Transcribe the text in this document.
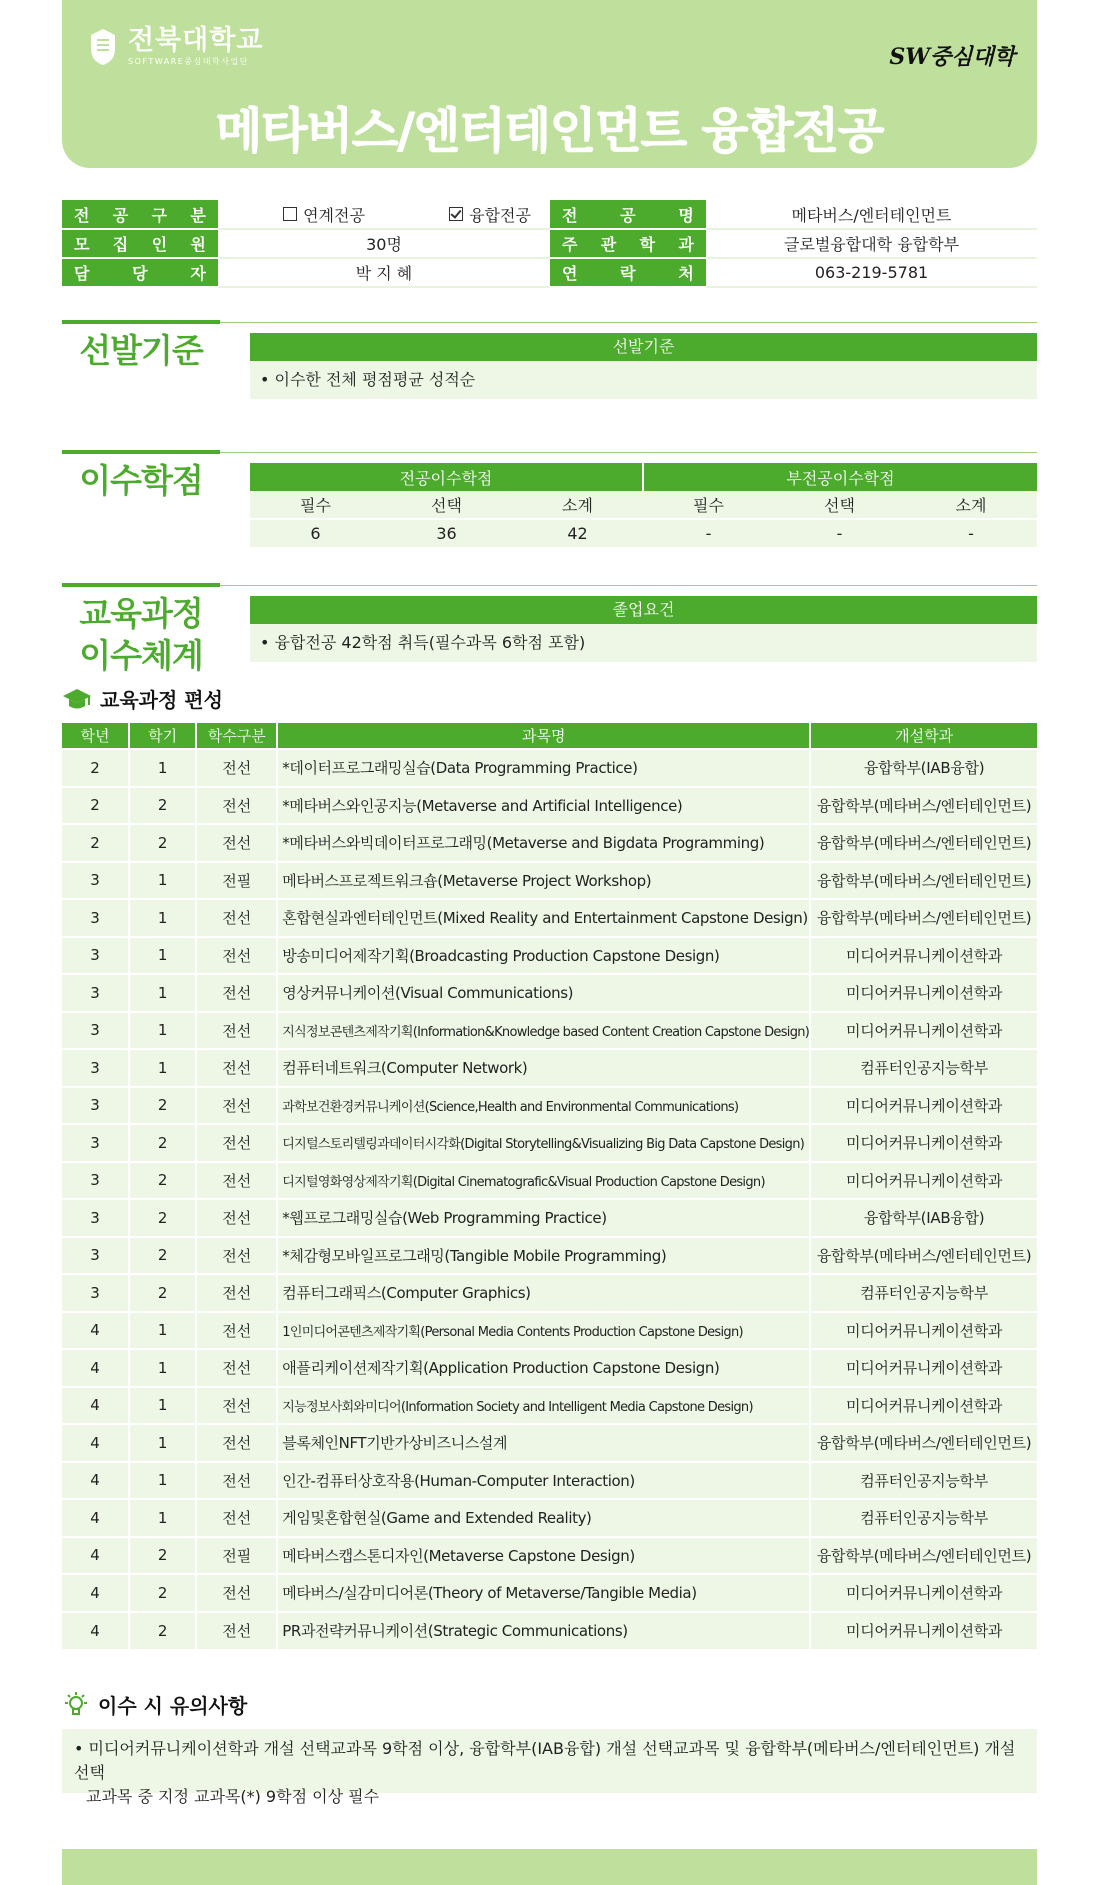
전북대학교
SOFTWARE중심대학사업단	SW중심대학
메타버스/엔터테인먼트 융합전공
전 공 구 분	연계전공	융합전공	전 공 명	메타버스/엔터테인먼트

모 집 인 원	30명		주 관 학 과	글로벌융합대학 융합학부

담 당 자	박 지 혜		연 락 처	063-219-5781
선발기준	선발기준
• 이수한 전체 평점평균 성적순
이수학점	전공이수학점			부전공이수학점		
필수	선택	소계	필수	선택	소계
6	36	42	-	-	-
교육과정
이수체계
졸업요건
• 융합전공 42학점 취득(필수과목 6학점 포함)
교육과정 편성
학년	학기	학수구분	과목명	개설학과
2	1	전선	*데이터프로그래밍실습(Data Programming Practice)	융합학부(IAB융합)
2	2	전선	*메타버스와인공지능(Metaverse and Artificial Intelligence)	융합학부(메타버스/엔터테인먼트)
2	2	전선	*메타버스와빅데이터프로그래밍(Metaverse and Bigdata Programming)	융합학부(메타버스/엔터테인먼트)
3	1	전필	메타버스프로젝트워크숍(Metaverse Project Workshop)	융합학부(메타버스/엔터테인먼트)
3	1	전선	혼합현실과엔터테인먼트(Mixed Reality and Entertainment Capstone Design)	융합학부(메타버스/엔터테인먼트)
3	1	전선	방송미디어제작기획(Broadcasting Production Capstone Design)	미디어커뮤니케이션학과
3	1	전선	영상커뮤니케이션(Visual Communications)	미디어커뮤니케이션학과
3	1	전선	지식정보콘텐츠제작기획(Information&Knowledge based Content Creation Capstone Design)	미디어커뮤니케이션학과
3	1	전선	컴퓨터네트워크(Computer Network)	컴퓨터인공지능학부
3	2	전선	과학보건환경커뮤니케이션(Science,Health and Environmental Communications)	미디어커뮤니케이션학과
3	2	전선	디지털스토리텔링과데이터시각화(Digital Storytelling&Visualizing Big Data Capstone Design)	미디어커뮤니케이션학과
3	2	전선	디지털영화영상제작기획(Digital Cinematografic&Visual Production Capstone Design)	미디어커뮤니케이션학과
3	2	전선	*웹프로그래밍실습(Web Programming Practice)	융합학부(IAB융합)
3	2	전선	*체감형모바일프로그래밍(Tangible Mobile Programming)	융합학부(메타버스/엔터테인먼트)
3	2	전선	컴퓨터그래픽스(Computer Graphics)	컴퓨터인공지능학부
4	1	전선	1인미디어콘텐츠제작기획(Personal Media Contents Production Capstone Design)	미디어커뮤니케이션학과
4	1	전선	애플리케이션제작기획(Application Production Capstone Design)	미디어커뮤니케이션학과
4	1	전선	지능정보사회와미디어(Information Society and Intelligent Media Capstone Design)	미디어커뮤니케이션학과
4	1	전선	블록체인NFT기반가상비즈니스설계	융합학부(메타버스/엔터테인먼트)
4	1	전선	인간-컴퓨터상호작용(Human-Computer Interaction)	컴퓨터인공지능학부
4	1	전선	게임및혼합현실(Game and Extended Reality)	컴퓨터인공지능학부
4	2	전필	메타버스캡스톤디자인(Metaverse Capstone Design)	융합학부(메타버스/엔터테인먼트)
4	2	전선	메타버스/실감미디어론(Theory of Metaverse/Tangible Media)	미디어커뮤니케이션학과
4	2	전선	PR과전략커뮤니케이션(Strategic Communications)	미디어커뮤니케이션학과
이수 시 유의사항
• 미디어커뮤니케이션학과 개설 선택교과목 9학점 이상, 융합학부(IAB융합) 개설 선택교과목 및 융합학부(메타버스/엔터테인먼트) 개설 선택
교과목 중 지정 교과목(*) 9학점 이상 필수
